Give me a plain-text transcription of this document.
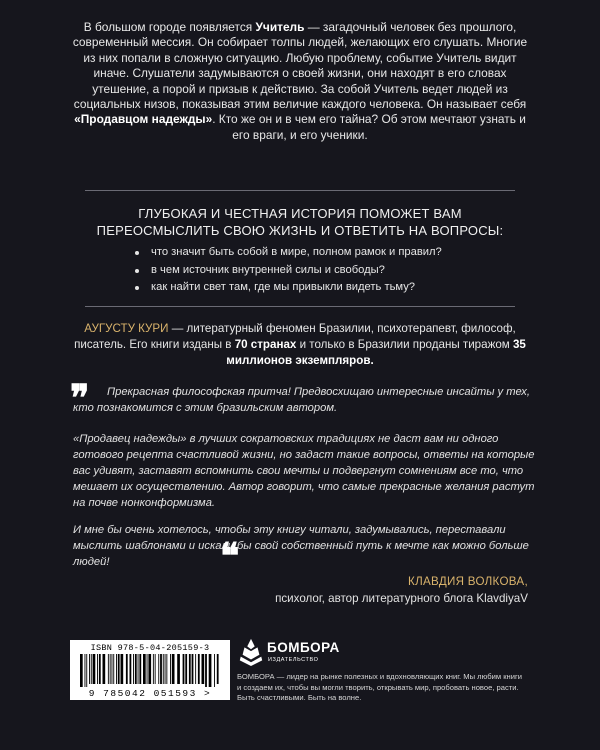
В большом городе появляется Учитель — загадочный человек без прошлого, современный мессия. Он собирает толпы людей, желающих его слушать. Многие из них попали в сложную ситуацию. Любую проблему, событие Учитель видит иначе. Слушатели задумываются о своей жизни, они находят в его словах утешение, а порой и призыв к действию. За собой Учитель ведет людей из социальных низов, показывая этим величие каждого человека. Он называет себя «Продавцом надежды». Кто же он и в чем его тайна? Об этом мечтают узнать и его враги, и его ученики.
ГЛУБОКАЯ И ЧЕСТНАЯ ИСТОРИЯ ПОМОЖЕТ ВАМ ПЕРЕОСМЫСЛИТЬ СВОЮ ЖИЗНЬ И ОТВЕТИТЬ НА ВОПРОСЫ:
что значит быть собой в мире, полном рамок и правил?
в чем источник внутренней силы и свободы?
как найти свет там, где мы привыкли видеть тьму?
АУГУСТУ КУРИ — литературный феномен Бразилии, психотерапевт, философ, писатель. Его книги изданы в 70 странах и только в Бразилии проданы тиражом 35 миллионов экземпляров.
❞	Прекрасная философская притча! Предвосхищаю интересные инсайты у тех, кто познакомится с этим бразильским автором.

«Продавец надежды» в лучших сократовских традициях не даст вам ни одного готового рецепта счастливой жизни, но задаст такие вопросы, ответы на которые вас удивят, заставят вспомнить свои мечты и подвергнут сомнениям все то, что мешает их осуществлению. Автор говорит, что самые прекрасные желания растут на почве нонконформизма.

И мне бы очень хотелось, чтобы эту книгу читали, задумывались, переставали мыслить шаблонами и искали бы свой собственный путь к мечте как можно больше людей!	❝
КЛАВДИЯ ВОЛКОВА,
психолог, автор литературного блога KlavdiyaV
ISBN 978-5-04-205159-3
9 785042 051593 >
БОМБОРА
ИЗДАТЕЛЬСТВО
БОМБОРА — лидер на рынке полезных и вдохновляющих книг. Мы любим книги и создаем их, чтобы вы могли творить, открывать мир, пробовать новое, расти. Быть счастливыми. Быть на волне.
